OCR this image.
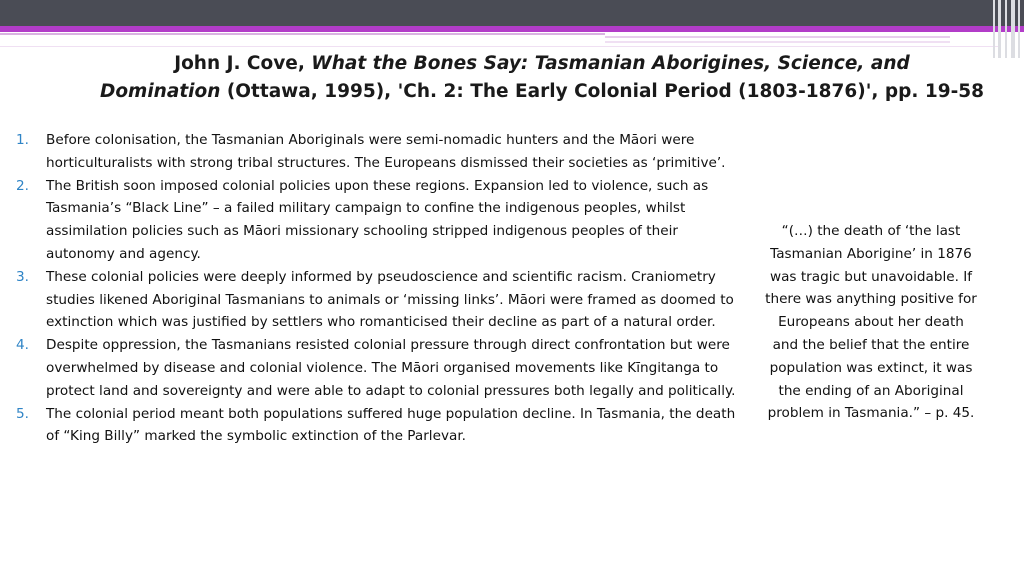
John J. Cove, What the Bones Say: Tasmanian Aborigines, Science, and
Domination (Ottawa, 1995), 'Ch. 2: The Early Colonial Period (1803-1876)', pp. 19-58
1. Before colonisation, the Tasmanian Aboriginals were semi-nomadic hunters and the Māori were horticulturalists with strong tribal structures. The Europeans dismissed their societies as ‘primitive’.
2. The British soon imposed colonial policies upon these regions. Expansion led to violence, such as Tasmania’s “Black Line” – a failed military campaign to confine the indigenous peoples, whilst assimilation policies such as Māori missionary schooling stripped indigenous peoples of their autonomy and agency.
3. These colonial policies were deeply informed by pseudoscience and scientific racism. Craniometry studies likened Aboriginal Tasmanians to animals or ‘missing links’. Māori were framed as doomed to extinction which was justified by settlers who romanticised their decline as part of a natural order.
4. Despite oppression, the Tasmanians resisted colonial pressure through direct confrontation but were overwhelmed by disease and colonial violence. The Māori organised movements like Kīngitanga to protect land and sovereignty and were able to adapt to colonial pressures both legally and politically.
5. The colonial period meant both populations suffered huge population decline. In Tasmania, the death of “King Billy” marked the symbolic extinction of the Parlevar.
“(…) the death of ‘the last Tasmanian Aborigine’ in 1876 was tragic but unavoidable. If there was anything positive for Europeans about her death and the belief that the entire population was extinct, it was the ending of an Aboriginal problem in Tasmania.” – p. 45.
